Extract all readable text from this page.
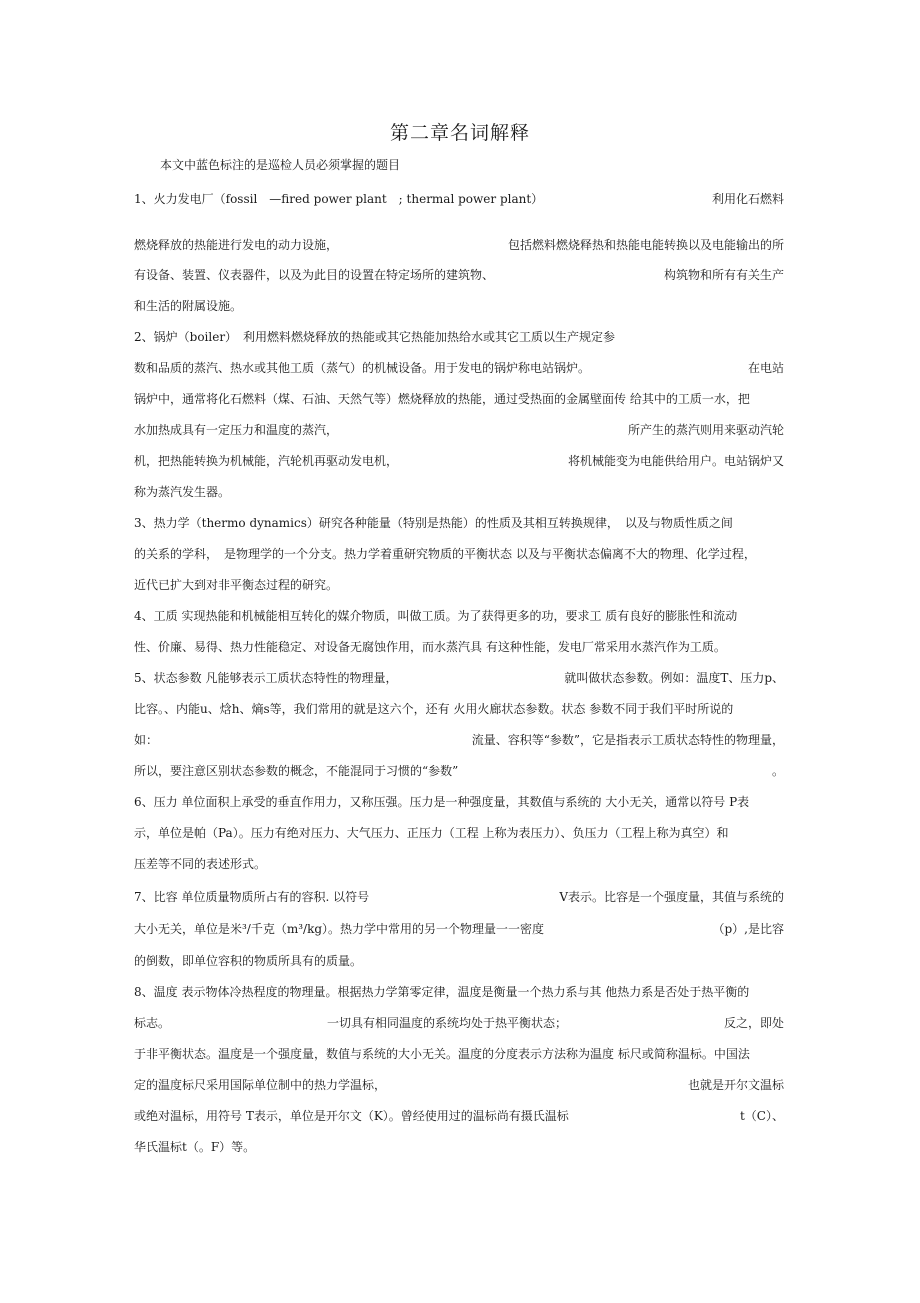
第二章名词解释
本文中蓝色标注的是巡检人员必须掌握的题目
1、火力发电厂（fossil　—fired power plant　; thermal power plant）	利用化石燃料
燃烧释放的热能进行发电的动力设施，	包括燃料燃烧释热和热能电能转换以及电能输出的所
有设备、装置、仪表器件，以及为此目的设置在特定场所的建筑物、	构筑物和所有有关生产
和生活的附属设施。
2、锅炉（boiler）　利用燃料燃烧释放的热能或其它热能加热给水或其它工质以生产规定参
数和品质的蒸汽、热水或其他工质（蒸气）的机械设备。用于发电的锅炉称电站锅炉。	在电站
锅炉中，通常将化石燃料（煤、石油、天然气等）燃烧释放的热能，通过受热面的金属壁面传 给其中的工质一水，把
水加热成具有一定压力和温度的蒸汽，	所产生的蒸汽则用来驱动汽轮
机，把热能转换为机械能，汽轮机再驱动发电机，	将机械能变为电能供给用户。电站锅炉又
称为蒸汽发生器。
3、热力学（thermo dynamics）研究各种能量（特别是热能）的性质及其相互转换规律，　以及与物质性质之间
的关系的学科，　是物理学的一个分支。热力学着重研究物质的平衡状态 以及与平衡状态偏离不大的物理、化学过程，
近代已扩大到对非平衡态过程的研究。
4、工质 实现热能和机械能相互转化的媒介物质，叫做工质。为了获得更多的功，要求工 质有良好的膨胀性和流动
性、价廉、易得、热力性能稳定、对设备无腐蚀作用，而水蒸汽具 有这种性能，发电厂常采用水蒸汽作为工质。
5、状态参数 凡能够表示工质状态特性的物理量，	就叫做状态参数。例如：温度T、压力p、
比容。、内能u、焓h、熵s等，我们常用的就是这六个，还有 火用火廊状态参数。状态 参数不同于我们平时所说的
如：	流量、容积等“参数”，它是指表示工质状态特性的物理量，
所以，要注意区别状态参数的概念，不能混同于习惯的“参数”	。
6、压力 单位面积上承受的垂直作用力，又称压强。压力是一种强度量，其数值与系统的 大小无关，通常以符号 P表
示，单位是帕（Pa）。压力有绝对压力、大气压力、正压力（工程 上称为表压力）、负压力（工程上称为真空）和
压差等不同的表述形式。
7、比容 单位质量物质所占有的容积. 以符号	V表示。比容是一个强度量，其值与系统的
大小无关，单位是米³/千克（m³/kg）。热力学中常用的另一个物理量一一密度	（p）,是比容
的倒数，即单位容积的物质所具有的质量。
8、温度 表示物体冷热程度的物理量。根据热力学第零定律，温度是衡量一个热力系与其 他热力系是否处于热平衡的
标志。	一切具有相同温度的系统均处于热平衡状态；	反之，即处
于非平衡状态。温度是一个强度量，数值与系统的大小无关。温度的分度表示方法称为温度 标尺或简称温标。中国法
定的温度标尺采用国际单位制中的热力学温标，	也就是开尔文温标
或绝对温标，用符号 T表示，单位是开尔文（K）。曾经使用过的温标尚有摄氏温标	t（C）、
华氏温标t（。F）等。
